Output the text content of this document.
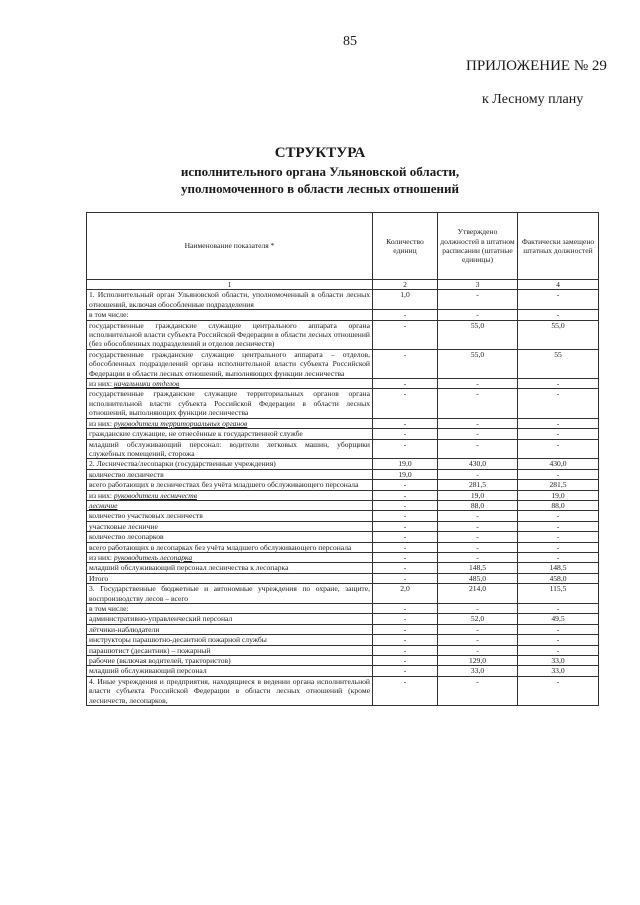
85
ПРИЛОЖЕНИЕ № 29
к Лесному плану
СТРУКТУРА
исполнительного органа Ульяновской области,
уполномоченного в области лесных отношений
Наименование показателя *	Количество единиц	Утверждено должностей в штатном расписании (штатные единицы)	Фактически замещено штатных должностей
1	2	3	4
1. Исполнительный орган Ульяновской области, уполномоченный в области лесных отношений, включая обособленные подразделения	1,0	-	-
в том числе:	-	-	-
государственные гражданские служащие центрального аппарата органа исполнительной власти субъекта Российской Федерации в области лесных отношений (без обособленных подразделений и отделов лесничеств)	-	55,0	55,0
государственные гражданские служащие центрального аппарата – отделов, обособленных подразделений органа исполнительной власти субъекта Российской Федерации в области лесных отношений, выполняющих функции лесничества	-	55,0	55
из них: начальники отделов	-	-	-
государственные гражданские служащие территориальных органов органа исполнительной власти субъекта Российской Федерации в области лесных отношений, выполняющих функции лесничества	-	-	-
из них: руководители территориальных органов	-	-	-
гражданские служащие, не отнесённые к государственной службе	-	-	-
младший обслуживающий персонал: водители легковых машин, уборщики служебных помещений, сторожа	-	-	-
2. Лесничества/лесопарки (государственные учреждения)	19,0	430,0	430,0
количество лесничеств	19,0	-	-
всего работающих в лесничествах без учёта младшего обслуживающего персонала	-	281,5	281,5
из них: руководители лесничеств	-	19,0	19,0
лесничие	-	88,0	88,0
количество участковых лесничеств	-	-	-
участковые лесничие	-	-	-
количество лесопарков	-	-	-
всего работающих в лесопарках без учёта младшего обслуживающего персонала	-	-	-
из них: руководитель лесопарка	-	-	-
младший обслуживающий персонал лесничества к лесопарка	-	148,5	148,5
Итого	-	485,0	458,0
3. Государственные бюджетные и автономные учреждения по охране, защите, воспроизводству лесов – всего	2,0	214,0	115,5
в том числе:	-	-	-
административно-управленческий персонал	-	52,0	49,5
лётчики-наблюдатели	-	-	-
инструкторы парашютно-десантной пожарной службы	-	-	-
парашютист (десантник) – пожарный	-	-	-
рабочие (включая водителей, трактористов)	-	129,0	33,0
младший обслуживающий персонал	-	33,0	33,0
4. Иные учреждения и предприятия, находящиеся в ведении органа исполнительной власти субъекта Российской Федерации в области лесных отношений (кроме лесничеств, лесопарков,	-	-	-
